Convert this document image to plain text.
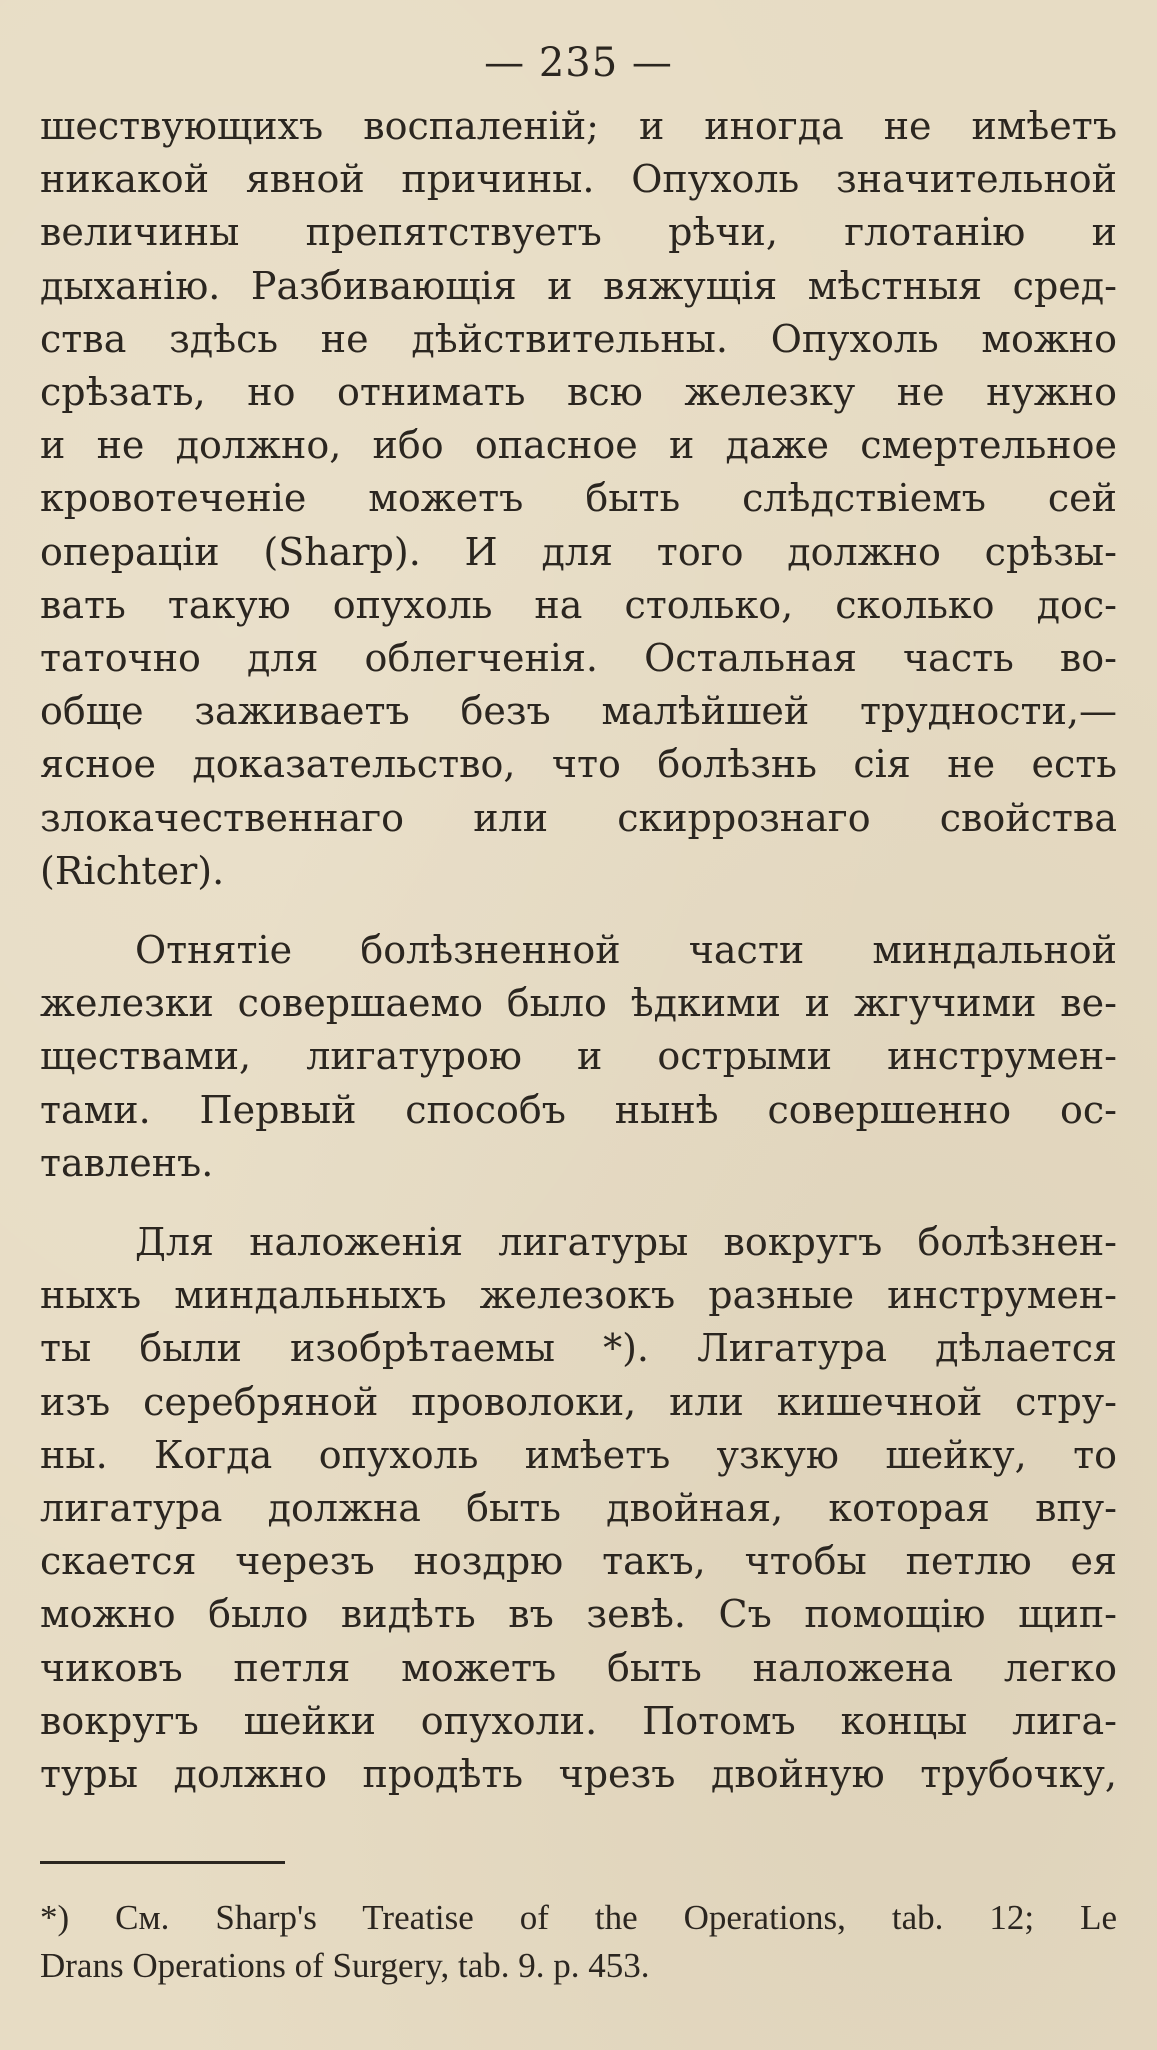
— 235 —

шествующихъ воспаленій; и иногда не имѣетъ
никакой явной причины. Опухоль значительной
величины препятствуетъ рѣчи, глотанію и
дыханію. Разбивающія и вяжущія мѣстныя сред-
ства здѣсь не дѣйствительны. Опухоль можно
срѣзать, но отнимать всю железку не нужно
и не должно, ибо опасное и даже смертельное
кровотеченіе можетъ быть слѣдствіемъ сей
операціи (Sharp). И для того должно срѣзы-
вать такую опухоль на столько, сколько дос-
таточно для облегченія. Остальная часть во-
обще заживаетъ безъ малѣйшей трудности,—
ясное доказательство, что болѣзнь сія не есть
злокачественнаго или скиррознаго свойства
(Richter).

Отнятіе болѣзненной части миндальной
железки совершаемо было ѣдкими и жгучими ве-
ществами, лигатурою и острыми инструмен-
тами. Первый способъ нынѣ совершенно ос-
тавленъ.

Для наложенія лигатуры вокругъ болѣзнен-
ныхъ миндальныхъ железокъ разные инструмен-
ты были изобрѣтаемы *). Лигатура дѣлается
изъ серебряной проволоки, или кишечной стру-
ны. Когда опухоль имѣетъ узкую шейку, то
лигатура должна быть двойная, которая впу-
скается черезъ ноздрю такъ, чтобы петлю ея
можно было видѣть въ зевѣ. Съ помощію щип-
чиковъ петля можетъ быть наложена легко
вокругъ шейки опухоли. Потомъ концы лига-
туры должно продѣть чрезъ двойную трубочку,

*) См. Sharp's Treatise of the Operations, tab. 12; Le
Drans Operations of Surgery, tab. 9. p. 453.
